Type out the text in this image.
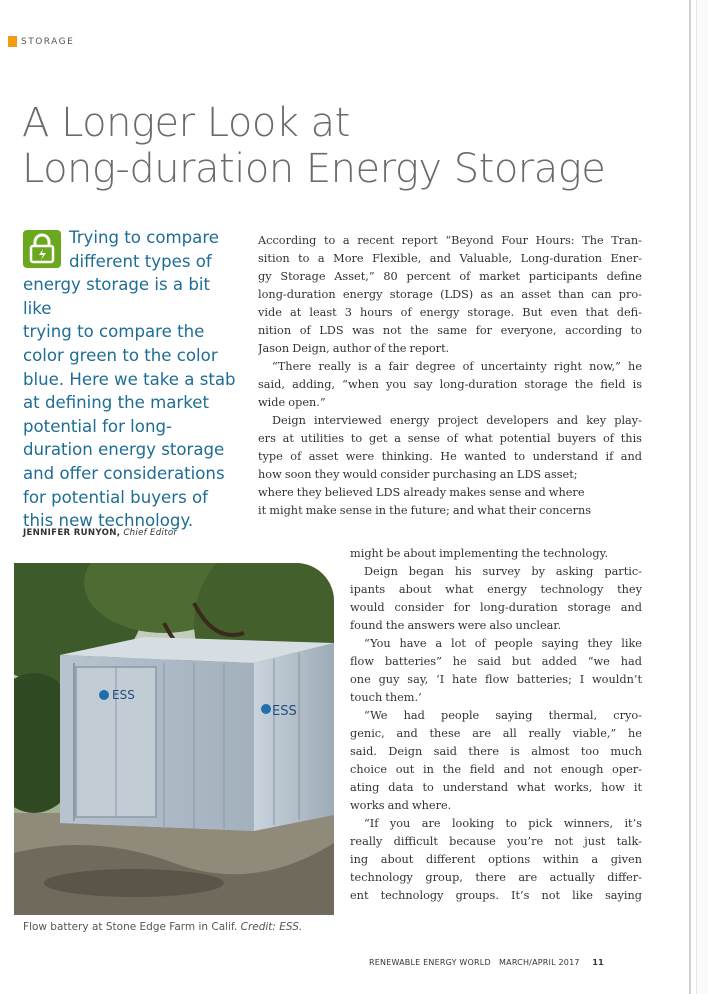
STORAGE
A Longer Look at
Long-duration Energy Storage
Trying to compare
different types of
energy storage is a bit like
trying to compare the
color green to the color
blue. Here we take a stab
at defining the market
potential for long-
duration energy storage
and offer considerations
for potential buyers of
this new technology.
JENNIFER RUNYON, Chief Editor
ESS
ESS
Flow battery at Stone Edge Farm in Calif. Credit: ESS.
According to a recent report “Beyond Four Hours: The Tran-
sition to a More Flexible, and Valuable, Long-duration Ener-
gy Storage Asset,” 80 percent of market participants define
long-duration energy storage (LDS) as an asset than can pro-
vide at least 3 hours of energy storage. But even that defi-
nition of LDS was not the same for everyone, according to
Jason Deign, author of the report.
“There really is a fair degree of uncertainty right now,” he
said, adding, “when you say long-duration storage the field is
wide open.”
Deign interviewed energy project developers and key play-
ers at utilities to get a sense of what potential buyers of this
type of asset were thinking. He wanted to understand if and
how soon they would consider purchasing an LDS asset;
where they believed LDS already makes sense and where
it might make sense in the future; and what their concerns
might be about implementing the technology.
Deign began his survey by asking partic-
ipants about what energy technology they
would consider for long-duration storage and
found the answers were also unclear.
“You have a lot of people saying they like
flow batteries” he said but added “we had
one guy say, ‘I hate flow batteries; I wouldn’t
touch them.’
“We had people saying thermal, cryo-
genic, and these are all really viable,” he
said. Deign said there is almost too much
choice out in the field and not enough oper-
ating data to understand what works, how it
works and where.
“If you are looking to pick winners, it’s
really difficult because you’re not just talk-
ing about different options within a given
technology group, there are actually differ-
ent technology groups. It’s not like saying
RENEWABLE ENERGY WORLD MARCH/APRIL 2017 11
